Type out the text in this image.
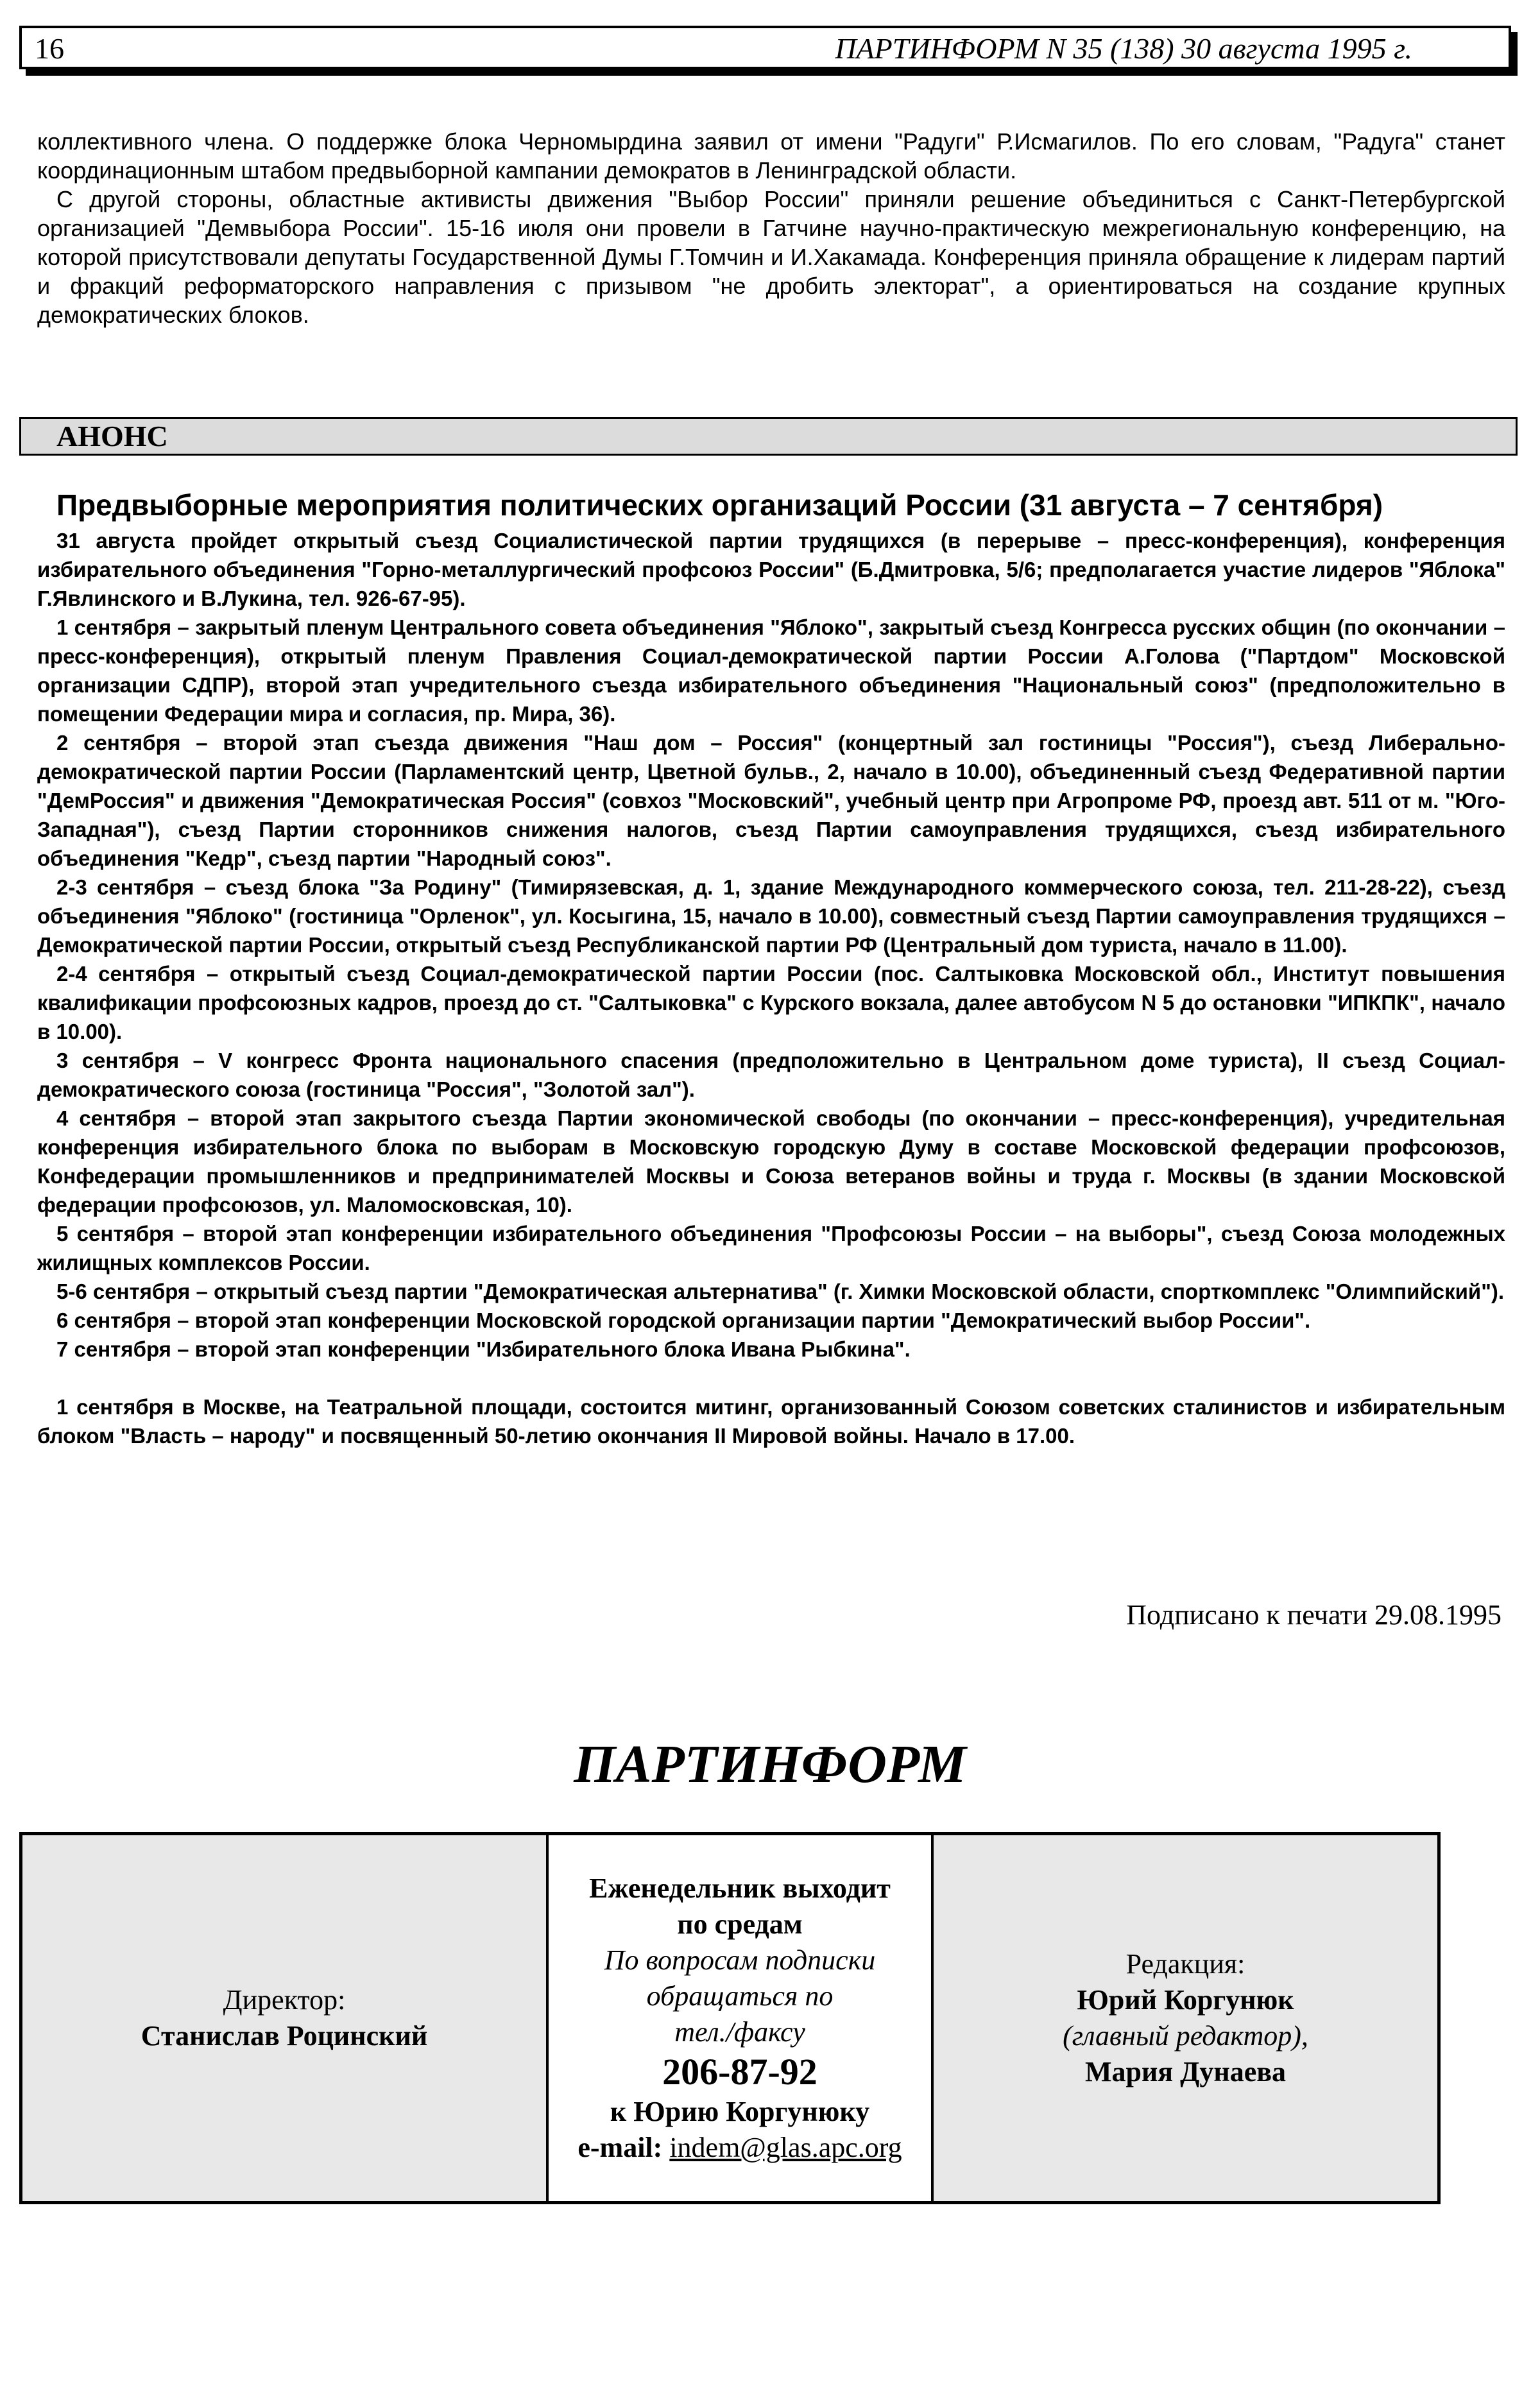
16	ПАРТИНФОРМ N 35 (138) 30 августа 1995 г.

коллективного члена. О поддержке блока Черномырдина заявил от имени "Радуги" Р.Исмагилов. По его словам, "Радуга" станет координационным штабом предвыборной кампании демократов в Ленинградской области.

С другой стороны, областные активисты движения "Выбор России" приняли решение объединиться с Санкт-Петербургской организацией "Демвыбора России". 15-16 июля они провели в Гатчине научно-практическую межрегиональную конференцию, на которой присутствовали депутаты Государственной Думы Г.Томчин и И.Хакамада. Конференция приняла обращение к лидерам партий и фракций реформаторского направления с призывом "не дробить электорат", а ориентироваться на создание крупных демократических блоков.

АНОНС
Предвыборные мероприятия политических организаций России (31 августа – 7 сентября)

31 августа пройдет открытый съезд Социалистической партии трудящихся (в перерыве – пресс-конференция), конференция избирательного объединения "Горно-металлургический профсоюз России" (Б.Дмитровка, 5/6; предполагается участие лидеров "Яблока" Г.Явлинского и В.Лукина, тел. 926-67-95).

1 сентября – закрытый пленум Центрального совета объединения "Яблоко", закрытый съезд Конгресса русских общин (по окончании – пресс-конференция), открытый пленум Правления Социал-демократической партии России А.Голова ("Партдом" Московской организации СДПР), второй этап учредительного съезда избирательного объединения "Национальный союз" (предположительно в помещении Федерации мира и согласия, пр. Мира, 36).

2 сентября – второй этап съезда движения "Наш дом – Россия" (концертный зал гостиницы "Россия"), съезд Либерально-демократической партии России (Парламентский центр, Цветной бульв., 2, начало в 10.00), объединенный съезд Федеративной партии "ДемРоссия" и движения "Демократическая Россия" (совхоз "Московский", учебный центр при Агропроме РФ, проезд авт. 511 от м. "Юго-Западная"), съезд Партии сторонников снижения налогов, съезд Партии самоуправления трудящихся, съезд избирательного объединения "Кедр", съезд партии "Народный союз".

2-3 сентября – съезд блока "За Родину" (Тимирязевская, д. 1, здание Международного коммерческого союза, тел. 211-28-22), съезд объединения "Яблоко" (гостиница "Орленок", ул. Косыгина, 15, начало в 10.00), совместный съезд Партии самоуправления трудящихся – Демократической партии России, открытый съезд Республиканской партии РФ (Центральный дом туриста, начало в 11.00).

2-4 сентября – открытый съезд Социал-демократической партии России (пос. Салтыковка Московской обл., Институт повышения квалификации профсоюзных кадров, проезд до ст. "Салтыковка" с Курского вокзала, далее автобусом N 5 до остановки "ИПКПК", начало в 10.00).

3 сентября – V конгресс Фронта национального спасения (предположительно в Центральном доме туриста), II съезд Социал-демократического союза (гостиница "Россия", "Золотой зал").

4 сентября – второй этап закрытого съезда Партии экономической свободы (по окончании – пресс-конференция), учредительная конференция избирательного блока по выборам в Московскую городскую Думу в составе Московской федерации профсоюзов, Конфедерации промышленников и предпринимателей Москвы и Союза ветеранов войны и труда г. Москвы (в здании Московской федерации профсоюзов, ул. Маломосковская, 10).

5 сентября – второй этап конференции избирательного объединения "Профсоюзы России – на выборы", съезд Союза молодежных жилищных комплексов России.

5-6 сентября – открытый съезд партии "Демократическая альтернатива" (г. Химки Московской области, спорткомплекс "Олимпийский").

6 сентября – второй этап конференции Московской городской организации партии "Демократический выбор России".

7 сентября – второй этап конференции "Избирательного блока Ивана Рыбкина".

1 сентября в Москве, на Театральной площади, состоится митинг, организованный Союзом советских сталинистов и избирательным блоком "Власть – народу" и посвященный 50-летию окончания II Мировой войны. Начало в 17.00.

Подписано к печати 29.08.1995
ПАРТИНФОРМ
Директор:
Станислав Роцинский
Еженедельник выходит
по средам
По вопросам подписки
обращаться по
тел./факсу
206-87-92
к Юрию Коргунюку
e-mail: indem@glas.apc.org
Редакция:
Юрий Коргунюк
(главный редактор),
Мария Дунаева
